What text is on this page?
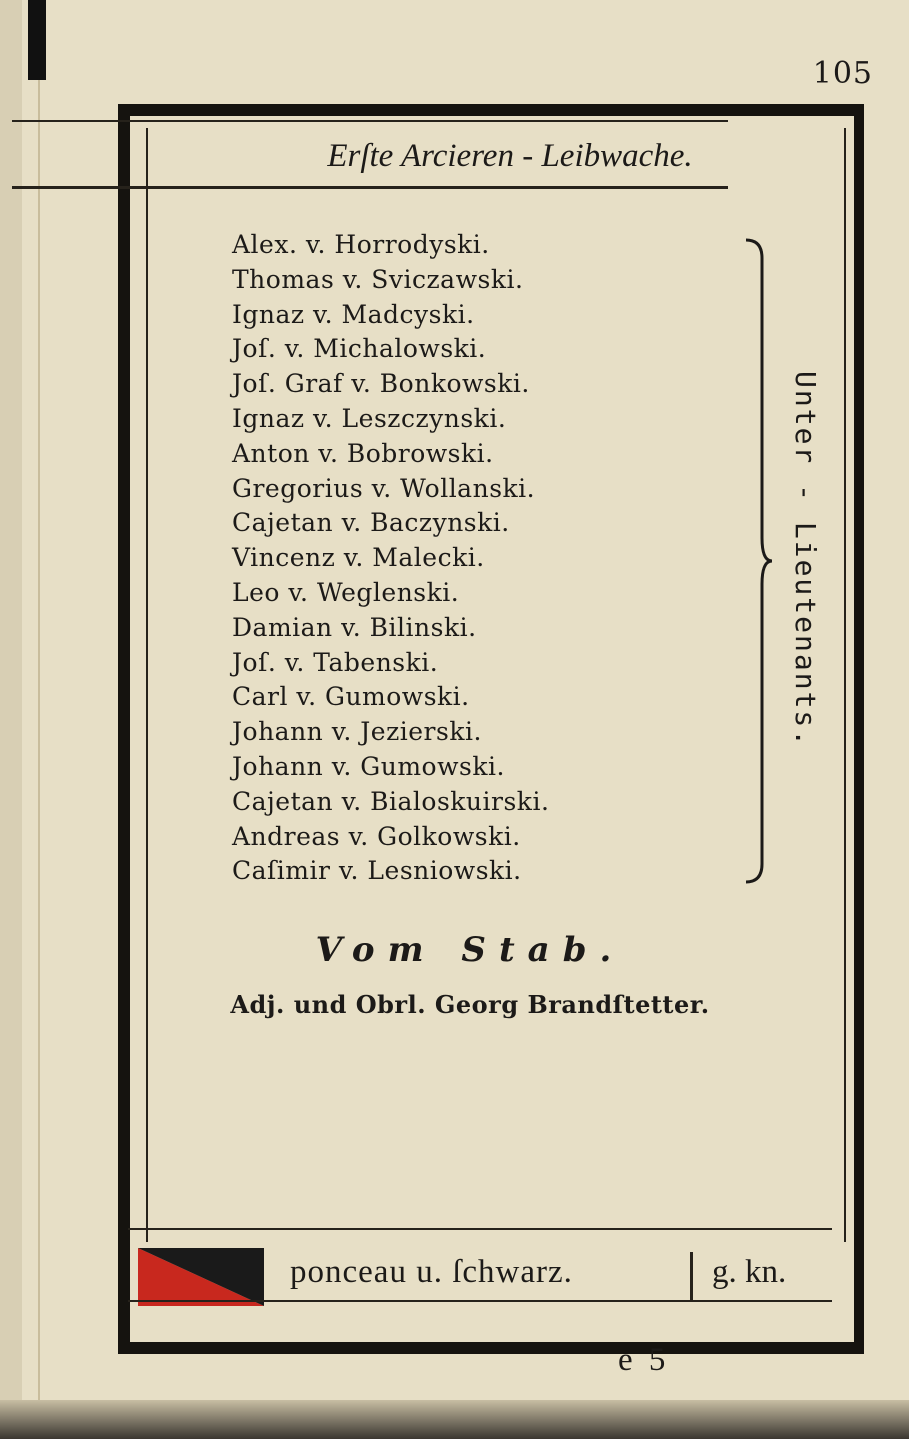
105
Erſte Arcieren - Leibwache.
Alex. v. Horrodyski.
Thomas v. Sviczawski.
Ignaz v. Madcyski.
Joſ. v. Michalowski.
Joſ. Graf v. Bonkowski.
Ignaz v. Leszczynski.
Anton v. Bobrowski.
Gregorius v. Wollanski.
Cajetan v. Baczynski.
Vincenz v. Malecki.
Leo v. Weglenski.
Damian v. Bilinski.
Joſ. v. Tabenski.
Carl v. Gumowski.
Johann v. Jezierski.
Johann v. Gumowski.
Cajetan v. Bialoskuirski.
Andreas v. Golkowski.
Caſimir v. Lesniowski.
Unter - Lieutenants.
Vom Stab.
Adj. und Obrl. Georg Brandſtetter.
ponceau u. ſchwarz.	g. kn.
e 5
